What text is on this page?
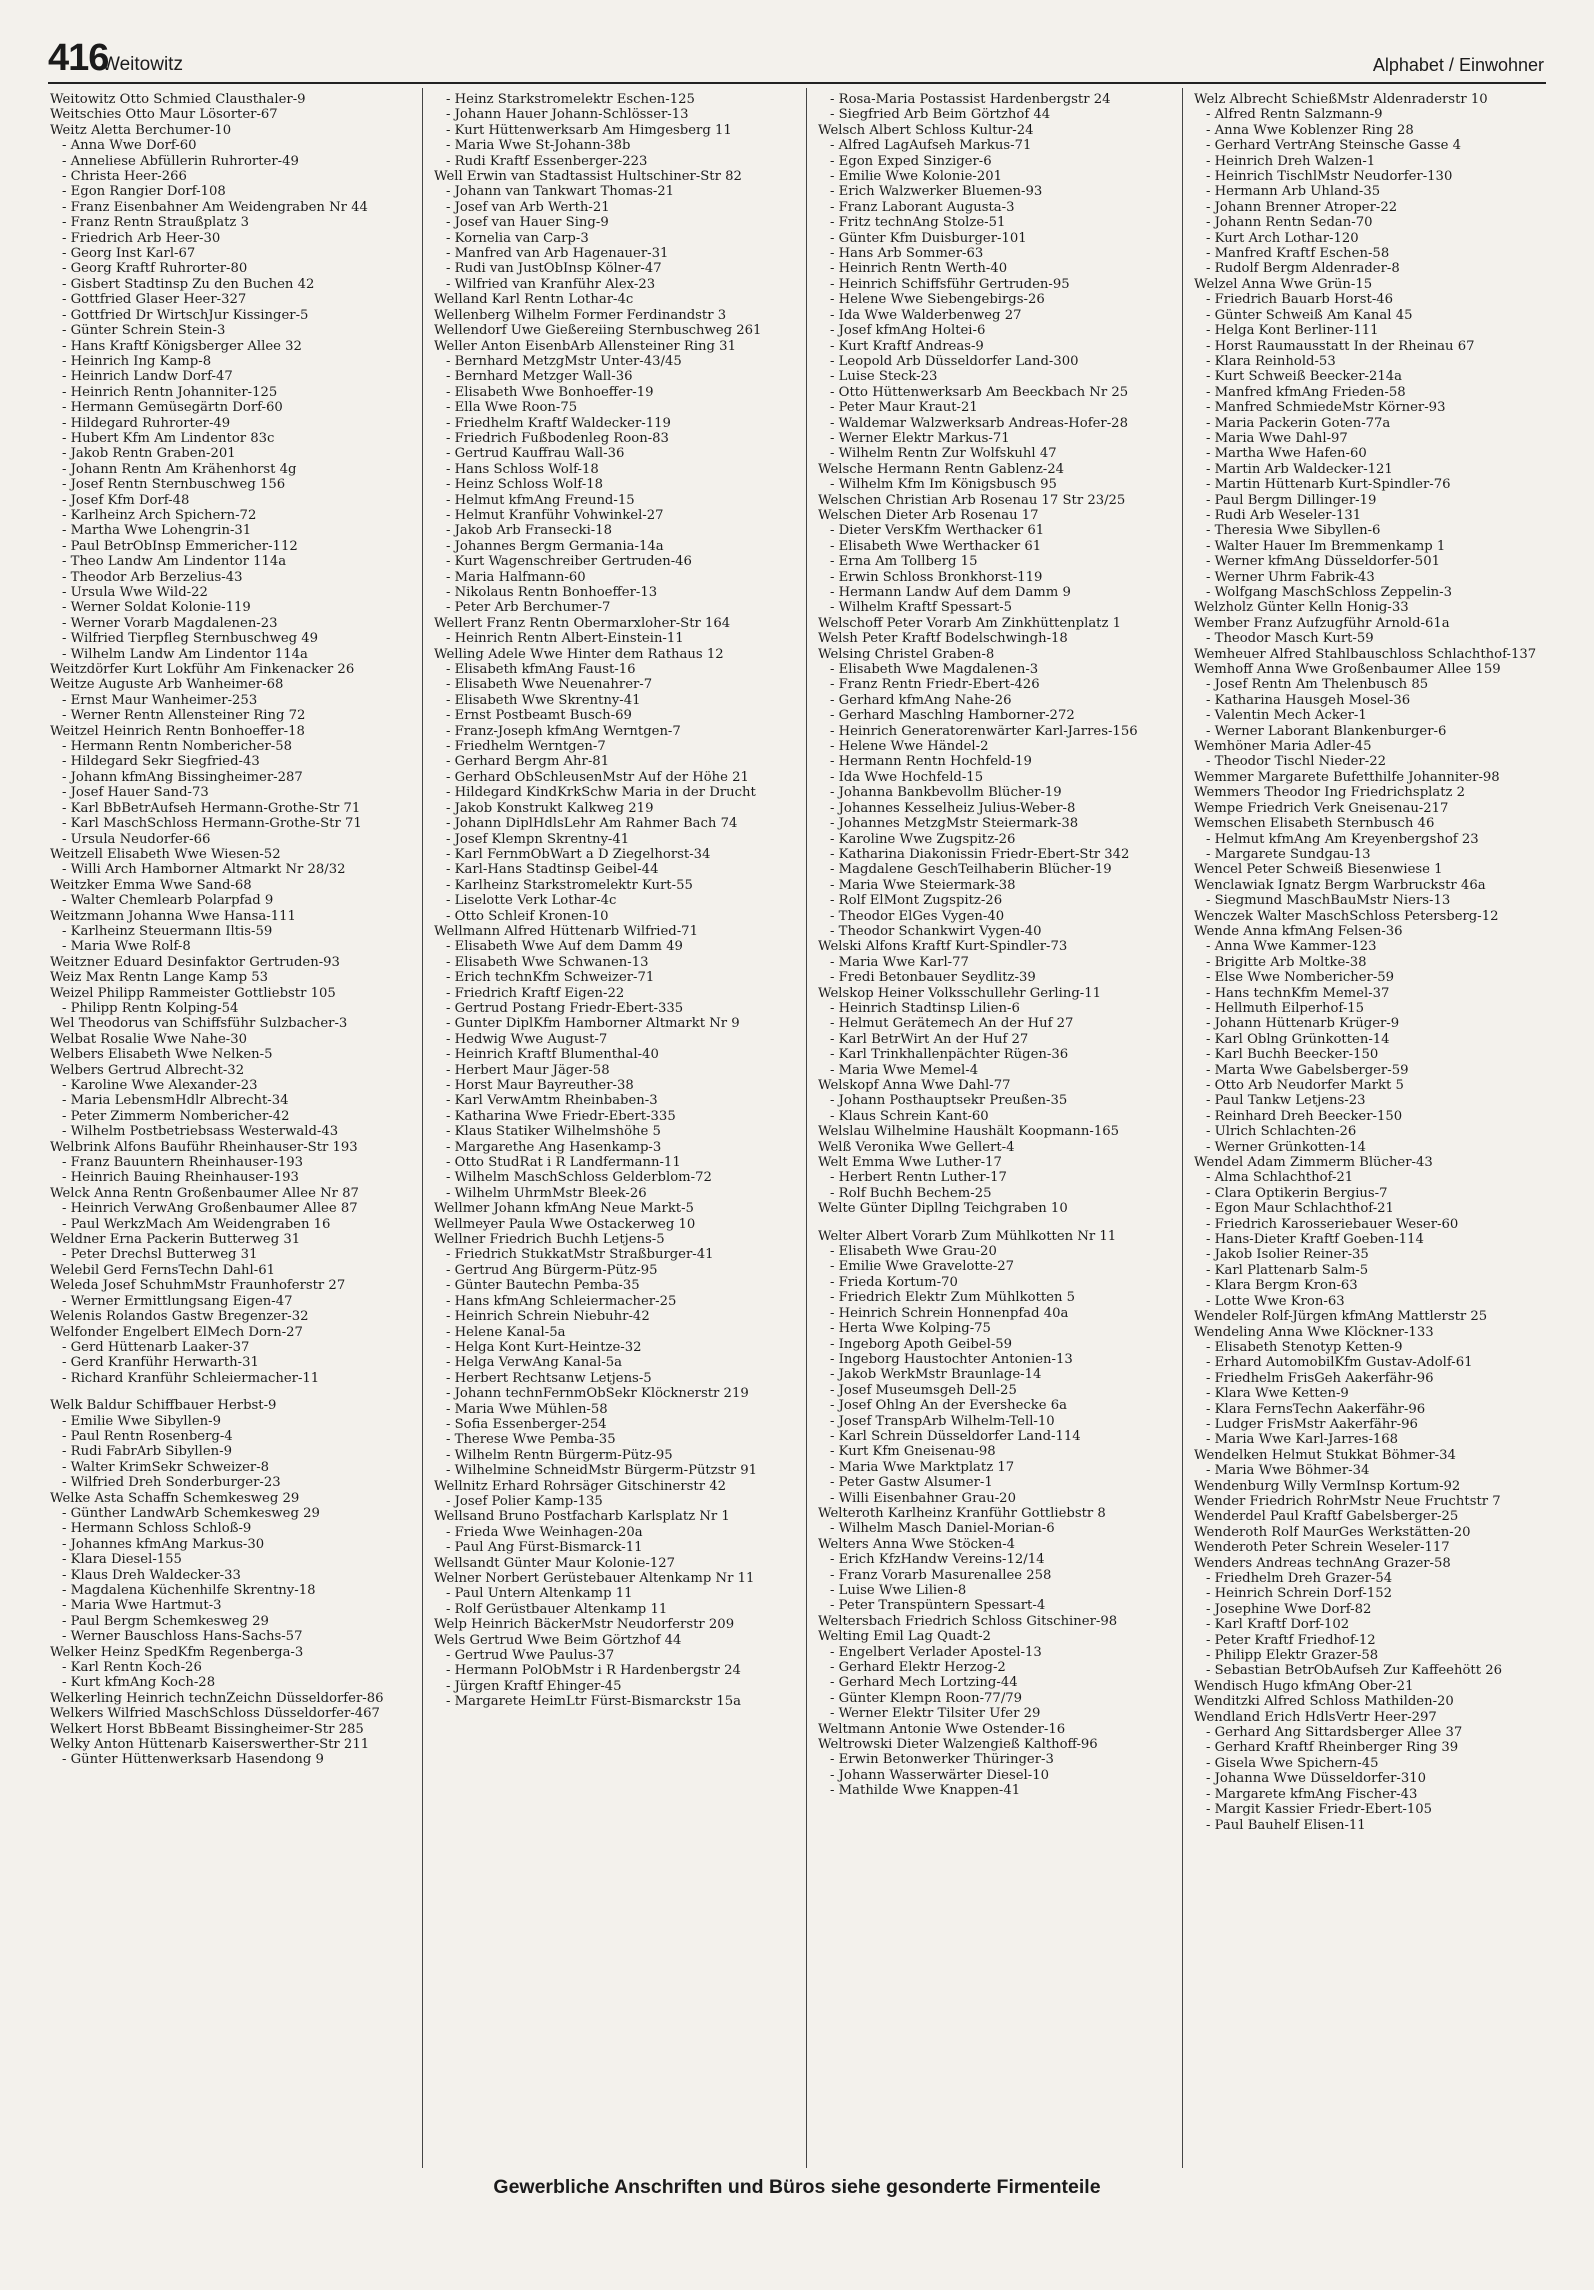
416
Weitowitz	Alphabet / Einwohner
Weitowitz Otto Schmied Clausthaler-9
Weitschies Otto Maur Lösorter-67
Weitz Aletta Berchumer-10
- Anna Wwe Dorf-60
- Anneliese Abfüllerin Ruhrorter-49
- Christa Heer-266
- Egon Rangier Dorf-108
- Franz Eisenbahner Am Weidengraben Nr 44
- Franz Rentn Straußplatz 3
- Friedrich Arb Heer-30
- Georg Inst Karl-67
- Georg Kraftf Ruhrorter-80
- Gisbert Stadtinsp Zu den Buchen 42
- Gottfried Glaser Heer-327
- Gottfried Dr WirtschJur Kissinger-5
- Günter Schrein Stein-3
- Hans Kraftf Königsberger Allee 32
- Heinrich Ing Kamp-8
- Heinrich Landw Dorf-47
- Heinrich Rentn Johanniter-125
- Hermann Gemüsegärtn Dorf-60
- Hildegard Ruhrorter-49
- Hubert Kfm Am Lindentor 83c
- Jakob Rentn Graben-201
- Johann Rentn Am Krähenhorst 4g
- Josef Rentn Sternbuschweg 156
- Josef Kfm Dorf-48
- Karlheinz Arch Spichern-72
- Martha Wwe Lohengrin-31
- Paul BetrObInsp Emmericher-112
- Theo Landw Am Lindentor 114a
- Theodor Arb Berzelius-43
- Ursula Wwe Wild-22
- Werner Soldat Kolonie-119
- Werner Vorarb Magdalenen-23
- Wilfried Tierpfleg Sternbuschweg 49
- Wilhelm Landw Am Lindentor 114a
Weitzdörfer Kurt Lokführ Am Finkenacker 26
Weitze Auguste Arb Wanheimer-68
- Ernst Maur Wanheimer-253
- Werner Rentn Allensteiner Ring 72
Weitzel Heinrich Rentn Bonhoeffer-18
- Hermann Rentn Nombericher-58
- Hildegard Sekr Siegfried-43
- Johann kfmAng Bissingheimer-287
- Josef Hauer Sand-73
- Karl BbBetrAufseh Hermann-Grothe-Str 71
- Karl MaschSchloss Hermann-Grothe-Str 71
- Ursula Neudorfer-66
Weitzell Elisabeth Wwe Wiesen-52
- Willi Arch Hamborner Altmarkt Nr 28/32
Weitzker Emma Wwe Sand-68
- Walter Chemlearb Polarpfad 9
Weitzmann Johanna Wwe Hansa-111
- Karlheinz Steuermann Iltis-59
- Maria Wwe Rolf-8
Weitzner Eduard Desinfaktor Gertruden-93
Weiz Max Rentn Lange Kamp 53
Weizel Philipp Rammeister Gottliebstr 105
- Philipp Rentn Kolping-54
Wel Theodorus van Schiffsführ Sulzbacher-3
Welbat Rosalie Wwe Nahe-30
Welbers Elisabeth Wwe Nelken-5
Welbers Gertrud Albrecht-32
- Karoline Wwe Alexander-23
- Maria LebensmHdlr Albrecht-34
- Peter Zimmerm Nombericher-42
- Wilhelm Postbetriebsass Westerwald-43
Welbrink Alfons Bauführ Rheinhauser-Str 193
- Franz Bauuntern Rheinhauser-193
- Heinrich Bauing Rheinhauser-193
Welck Anna Rentn Großenbaumer Allee Nr 87
- Heinrich VerwAng Großenbaumer Allee 87
- Paul WerkzMach Am Weidengraben 16
Weldner Erna Packerin Butterweg 31
- Peter Drechsl Butterweg 31
Welebil Gerd FernsTechn Dahl-61
Weleda Josef SchuhmMstr Fraunhoferstr 27
- Werner Ermittlungsang Eigen-47
Welenis Rolandos Gastw Bregenzer-32
Welfonder Engelbert ElMech Dorn-27
- Gerd Hüttenarb Laaker-37
- Gerd Kranführ Herwarth-31
- Richard Kranführ Schleiermacher-11
Welk Baldur Schiffbauer Herbst-9
- Emilie Wwe Sibyllen-9
- Paul Rentn Rosenberg-4
- Rudi FabrArb Sibyllen-9
- Walter KrimSekr Schweizer-8
- Wilfried Dreh Sonderburger-23
Welke Asta Schaffn Schemkesweg 29
- Günther LandwArb Schemkesweg 29
- Hermann Schloss Schloß-9
- Johannes kfmAng Markus-30
- Klara Diesel-155
- Klaus Dreh Waldecker-33
- Magdalena Küchenhilfe Skrentny-18
- Maria Wwe Hartmut-3
- Paul Bergm Schemkesweg 29
- Werner Bauschloss Hans-Sachs-57
Welker Heinz SpedKfm Regenberga-3
- Karl Rentn Koch-26
- Kurt kfmAng Koch-28
Welkerling Heinrich technZeichn Düsseldorfer-86
Welkers Wilfried MaschSchloss Düsseldorfer-467
Welkert Horst BbBeamt Bissingheimer-Str 285
Welky Anton Hüttenarb Kaiserswerther-Str 211
- Günter Hüttenwerksarb Hasendong 9
- Heinz Starkstromelektr Eschen-125
- Johann Hauer Johann-Schlösser-13
- Kurt Hüttenwerksarb Am Himgesberg 11
- Maria Wwe St-Johann-38b
- Rudi Kraftf Essenberger-223
Well Erwin van Stadtassist Hultschiner-Str 82
- Johann van Tankwart Thomas-21
- Josef van Arb Werth-21
- Josef van Hauer Sing-9
- Kornelia van Carp-3
- Manfred van Arb Hagenauer-31
- Rudi van JustObInsp Kölner-47
- Wilfried van Kranführ Alex-23
Welland Karl Rentn Lothar-4c
Wellenberg Wilhelm Former Ferdinandstr 3
Wellendorf Uwe Gießereiing Sternbuschweg 261
Weller Anton EisenbArb Allensteiner Ring 31
- Bernhard MetzgMstr Unter-43/45
- Bernhard Metzger Wall-36
- Elisabeth Wwe Bonhoeffer-19
- Ella Wwe Roon-75
- Friedhelm Kraftf Waldecker-119
- Friedrich Fußbodenleg Roon-83
- Gertrud Kauffrau Wall-36
- Hans Schloss Wolf-18
- Heinz Schloss Wolf-18
- Helmut kfmAng Freund-15
- Helmut Kranführ Vohwinkel-27
- Jakob Arb Fransecki-18
- Johannes Bergm Germania-14a
- Kurt Wagenschreiber Gertruden-46
- Maria Halfmann-60
- Nikolaus Rentn Bonhoeffer-13
- Peter Arb Berchumer-7
Wellert Franz Rentn Obermarxloher-Str 164
- Heinrich Rentn Albert-Einstein-11
Welling Adele Wwe Hinter dem Rathaus 12
- Elisabeth kfmAng Faust-16
- Elisabeth Wwe Neuenahrer-7
- Elisabeth Wwe Skrentny-41
- Ernst Postbeamt Busch-69
- Franz-Joseph kfmAng Werntgen-7
- Friedhelm Werntgen-7
- Gerhard Bergm Ahr-81
- Gerhard ObSchleusenMstr Auf der Höhe 21
- Hildegard KindKrkSchw Maria in der Drucht
- Jakob Konstrukt Kalkweg 219
- Johann DiplHdlsLehr Am Rahmer Bach 74
- Josef Klempn Skrentny-41
- Karl FernmObWart a D Ziegelhorst-34
- Karl-Hans Stadtinsp Geibel-44
- Karlheinz Starkstromelektr Kurt-55
- Liselotte Verk Lothar-4c
- Otto Schleif Kronen-10
Wellmann Alfred Hüttenarb Wilfried-71
- Elisabeth Wwe Auf dem Damm 49
- Elisabeth Wwe Schwanen-13
- Erich technKfm Schweizer-71
- Friedrich Kraftf Eigen-22
- Gertrud Postang Friedr-Ebert-335
- Gunter DiplKfm Hamborner Altmarkt Nr 9
- Hedwig Wwe August-7
- Heinrich Kraftf Blumenthal-40
- Herbert Maur Jäger-58
- Horst Maur Bayreuther-38
- Karl VerwAmtm Rheinbaben-3
- Katharina Wwe Friedr-Ebert-335
- Klaus Statiker Wilhelmshöhe 5
- Margarethe Ang Hasenkamp-3
- Otto StudRat i R Landfermann-11
- Wilhelm MaschSchloss Gelderblom-72
- Wilhelm UhrmMstr Bleek-26
Wellmer Johann kfmAng Neue Markt-5
Wellmeyer Paula Wwe Ostackerweg 10
Wellner Friedrich Buchh Letjens-5
- Friedrich StukkatMstr Straßburger-41
- Gertrud Ang Bürgerm-Pütz-95
- Günter Bautechn Pemba-35
- Hans kfmAng Schleiermacher-25
- Heinrich Schrein Niebuhr-42
- Helene Kanal-5a
- Helga Kont Kurt-Heintze-32
- Helga VerwAng Kanal-5a
- Herbert Rechtsanw Letjens-5
- Johann technFernmObSekr Klöcknerstr 219
- Maria Wwe Mühlen-58
- Sofia Essenberger-254
- Therese Wwe Pemba-35
- Wilhelm Rentn Bürgerm-Pütz-95
- Wilhelmine SchneidMstr Bürgerm-Pützstr 91
Wellnitz Erhard Rohrsäger Gitschinerstr 42
- Josef Polier Kamp-135
Wellsand Bruno Postfacharb Karlsplatz Nr 1
- Frieda Wwe Weinhagen-20a
- Paul Ang Fürst-Bismarck-11
Wellsandt Günter Maur Kolonie-127
Welner Norbert Gerüstebauer Altenkamp Nr 11
- Paul Untern Altenkamp 11
- Rolf Gerüstbauer Altenkamp 11
Welp Heinrich BäckerMstr Neudorferstr 209
Wels Gertrud Wwe Beim Görtzhof 44
- Gertrud Wwe Paulus-37
- Hermann PolObMstr i R Hardenbergstr 24
- Jürgen Kraftf Ehinger-45
- Margarete HeimLtr Fürst-Bismarckstr 15a
- Rosa-Maria Postassist Hardenbergstr 24
- Siegfried Arb Beim Görtzhof 44
Welsch Albert Schloss Kultur-24
- Alfred LagAufseh Markus-71
- Egon Exped Sinziger-6
- Emilie Wwe Kolonie-201
- Erich Walzwerker Bluemen-93
- Franz Laborant Augusta-3
- Fritz technAng Stolze-51
- Günter Kfm Duisburger-101
- Hans Arb Sommer-63
- Heinrich Rentn Werth-40
- Heinrich Schiffsführ Gertruden-95
- Helene Wwe Siebengebirgs-26
- Ida Wwe Walderbenweg 27
- Josef kfmAng Holtei-6
- Kurt Kraftf Andreas-9
- Leopold Arb Düsseldorfer Land-300
- Luise Steck-23
- Otto Hüttenwerksarb Am Beeckbach Nr 25
- Peter Maur Kraut-21
- Waldemar Walzwerksarb Andreas-Hofer-28
- Werner Elektr Markus-71
- Wilhelm Rentn Zur Wolfskuhl 47
Welsche Hermann Rentn Gablenz-24
- Wilhelm Kfm Im Königsbusch 95
Welschen Christian Arb Rosenau 17 Str 23/25
Welschen Dieter Arb Rosenau 17
- Dieter VersKfm Werthacker 61
- Elisabeth Wwe Werthacker 61
- Erna Am Tollberg 15
- Erwin Schloss Bronkhorst-119
- Hermann Landw Auf dem Damm 9
- Wilhelm Kraftf Spessart-5
Welschoff Peter Vorarb Am Zinkhüttenplatz 1
Welsh Peter Kraftf Bodelschwingh-18
Welsing Christel Graben-8
- Elisabeth Wwe Magdalenen-3
- Franz Rentn Friedr-Ebert-426
- Gerhard kfmAng Nahe-26
- Gerhard Maschlng Hamborner-272
- Heinrich Generatorenwärter Karl-Jarres-156
- Helene Wwe Händel-2
- Hermann Rentn Hochfeld-19
- Ida Wwe Hochfeld-15
- Johanna Bankbevollm Blücher-19
- Johannes Kesselheiz Julius-Weber-8
- Johannes MetzgMstr Steiermark-38
- Karoline Wwe Zugspitz-26
- Katharina Diakonissin Friedr-Ebert-Str 342
- Magdalene GeschTeilhaberin Blücher-19
- Maria Wwe Steiermark-38
- Rolf ElMont Zugspitz-26
- Theodor ElGes Vygen-40
- Theodor Schankwirt Vygen-40
Welski Alfons Kraftf Kurt-Spindler-73
- Maria Wwe Karl-77
- Fredi Betonbauer Seydlitz-39
Welskop Heiner Volksschullehr Gerling-11
- Heinrich Stadtinsp Lilien-6
- Helmut Gerätemech An der Huf 27
- Karl BetrWirt An der Huf 27
- Karl Trinkhallenpächter Rügen-36
- Maria Wwe Memel-4
Welskopf Anna Wwe Dahl-77
- Johann Posthauptsekr Preußen-35
- Klaus Schrein Kant-60
Welslau Wilhelmine Haushält Koopmann-165
Welß Veronika Wwe Gellert-4
Welt Emma Wwe Luther-17
- Herbert Rentn Luther-17
- Rolf Buchh Bechem-25
Welte Günter Dipllng Teichgraben 10
Welter Albert Vorarb Zum Mühlkotten Nr 11
- Elisabeth Wwe Grau-20
- Emilie Wwe Gravelotte-27
- Frieda Kortum-70
- Friedrich Elektr Zum Mühlkotten 5
- Heinrich Schrein Honnenpfad 40a
- Herta Wwe Kolping-75
- Ingeborg Apoth Geibel-59
- Ingeborg Haustochter Antonien-13
- Jakob WerkMstr Braunlage-14
- Josef Museumsgeh Dell-25
- Josef Ohlng An der Eversheckе 6a
- Josef TranspArb Wilhelm-Tell-10
- Karl Schrein Düsseldorfer Land-114
- Kurt Kfm Gneisenau-98
- Maria Wwe Marktplatz 17
- Peter Gastw Alsumer-1
- Willi Eisenbahner Grau-20
Welteroth Karlheinz Kranführ Gottliebstr 8
- Wilhelm Masch Daniel-Morian-6
Welters Anna Wwe Stöcken-4
- Erich KfzHandw Vereins-12/14
- Franz Vorarb Masurenallee 258
- Luise Wwe Lilien-8
- Peter Transpüntern Spessart-4
Weltersbach Friedrich Schloss Gitschiner-98
Welting Emil Lag Quadt-2
- Engelbert Verlader Apostel-13
- Gerhard Elektr Herzog-2
- Gerhard Mech Lortzing-44
- Günter Klempn Roon-77/79
- Werner Elektr Tilsiter Ufer 29
Weltmann Antonie Wwe Ostender-16
Weltrowski Dieter Walzengieß Kalthoff-96
- Erwin Betonwerker Thüringer-3
- Johann Wasserwärter Diesel-10
- Mathilde Wwe Knappen-41
Welz Albrecht SchießMstr Aldenraderstr 10
- Alfred Rentn Salzmann-9
- Anna Wwe Koblenzer Ring 28
- Gerhard VertrAng Steinsche Gasse 4
- Heinrich Dreh Walzen-1
- Heinrich TischlMstr Neudorfer-130
- Hermann Arb Uhland-35
- Johann Brenner Atroper-22
- Johann Rentn Sedan-70
- Kurt Arch Lothar-120
- Manfred Kraftf Eschen-58
- Rudolf Bergm Aldenrader-8
Welzel Anna Wwe Grün-15
- Friedrich Bauarb Horst-46
- Günter Schweiß Am Kanal 45
- Helga Kont Berliner-111
- Horst Raumausstatt In der Rheinau 67
- Klara Reinhold-53
- Kurt Schweiß Beecker-214a
- Manfred kfmAng Frieden-58
- Manfred SchmiedeMstr Körner-93
- Maria Packerin Goten-77a
- Maria Wwe Dahl-97
- Martha Wwe Hafen-60
- Martin Arb Waldecker-121
- Martin Hüttenarb Kurt-Spindler-76
- Paul Bergm Dillinger-19
- Rudi Arb Weseler-131
- Theresia Wwe Sibyllen-6
- Walter Hauer Im Bremmenkamp 1
- Werner kfmAng Düsseldorfer-501
- Werner Uhrm Fabrik-43
- Wolfgang MaschSchloss Zeppelin-3
Welzholz Günter Kelln Honig-33
Wember Franz Aufzugführ Arnold-61a
- Theodor Masch Kurt-59
Wemheuer Alfred Stahlbauschloss Schlachthof-137
Wemhoff Anna Wwe Großenbaumer Allee 159
- Josef Rentn Am Thelenbusch 85
- Katharina Hausgeh Mosel-36
- Valentin Mech Acker-1
- Werner Laborant Blankenburger-6
Wemhöner Maria Adler-45
- Theodor Tischl Nieder-22
Wemmer Margarete Bufetthilfe Johanniter-98
Wemmers Theodor Ing Friedrichsplatz 2
Wempe Friedrich Verk Gneisenau-217
Wemschen Elisabeth Sternbusch 46
- Helmut kfmAng Am Kreyenbergshof 23
- Margarete Sundgau-13
Wencel Peter Schweiß Biesenwiese 1
Wenclawiak Ignatz Bergm Warbruckstr 46a
- Siegmund MaschBauMstr Niers-13
Wenczek Walter MaschSchloss Petersberg-12
Wende Anna kfmAng Felsen-36
- Anna Wwe Kammer-123
- Brigitte Arb Moltke-38
- Else Wwe Nombericher-59
- Hans technKfm Memel-37
- Hellmuth Eilperhof-15
- Johann Hüttenarb Krüger-9
- Karl Oblng Grünkotten-14
- Karl Buchh Beecker-150
- Marta Wwe Gabelsberger-59
- Otto Arb Neudorfer Markt 5
- Paul Tankw Letjens-23
- Reinhard Dreh Beecker-150
- Ulrich Schlachten-26
- Werner Grünkotten-14
Wendel Adam Zimmerm Blücher-43
- Alma Schlachthof-21
- Clara Optikerin Bergius-7
- Egon Maur Schlachthof-21
- Friedrich Karosseriebauer Weser-60
- Hans-Dieter Kraftf Goeben-114
- Jakob Isolier Reiner-35
- Karl Plattenarb Salm-5
- Klara Bergm Kron-63
- Lotte Wwe Kron-63
Wendeler Rolf-Jürgen kfmAng Mattlerstr 25
Wendeling Anna Wwe Klöckner-133
- Elisabeth Stenotyp Ketten-9
- Erhard AutomobilKfm Gustav-Adolf-61
- Friedhelm FrisGeh Aakerfähr-96
- Klara Wwe Ketten-9
- Klara FernsTechn Aakerfähr-96
- Ludger FrisMstr Aakerfähr-96
- Maria Wwe Karl-Jarres-168
Wendelken Helmut Stukkat Böhmer-34
- Maria Wwe Böhmer-34
Wendenburg Willy VermInsp Kortum-92
Wender Friedrich RohrMstr Neue Fruchtstr 7
Wenderdel Paul Kraftf Gabelsberger-25
Wenderoth Rolf MaurGes Werkstätten-20
Wenderoth Peter Schrein Weseler-117
Wenders Andreas technAng Grazer-58
- Friedhelm Dreh Grazer-54
- Heinrich Schrein Dorf-152
- Josephine Wwe Dorf-82
- Karl Kraftf Dorf-102
- Peter Kraftf Friedhof-12
- Philipp Elektr Grazer-58
- Sebastian BetrObAufseh Zur Kaffeehött 26
Wendisch Hugo kfmAng Ober-21
Wenditzki Alfred Schloss Mathilden-20
Wendland Erich HdlsVertr Heer-297
- Gerhard Ang Sittardsberger Allee 37
- Gerhard Kraftf Rheinberger Ring 39
- Gisela Wwe Spichern-45
- Johanna Wwe Düsseldorfer-310
- Margarete kfmAng Fischer-43
- Margit Kassier Friedr-Ebert-105
- Paul Bauhelf Elisen-11
Gewerbliche Anschriften und Büros siehe gesonderte Firmenteile
